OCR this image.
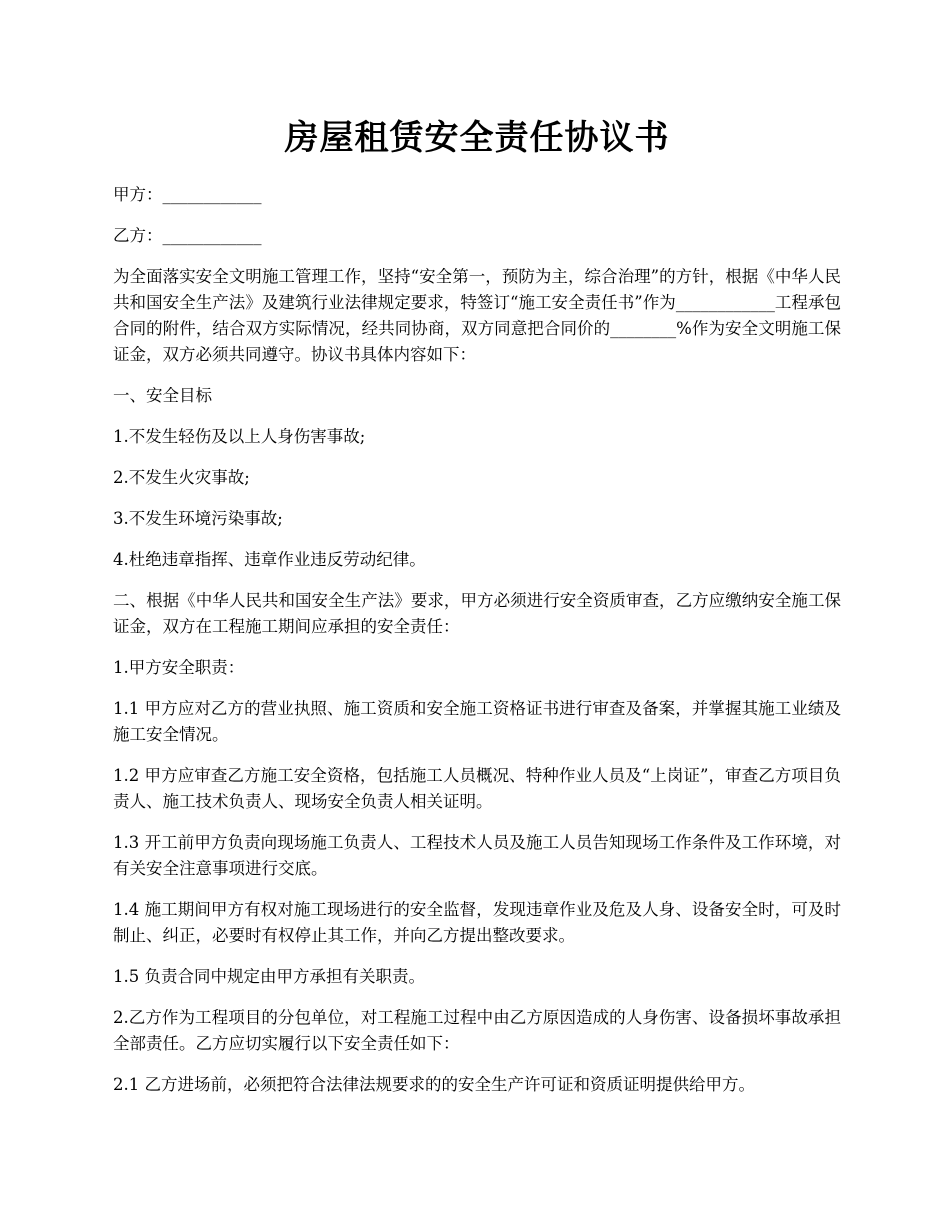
房屋租赁安全责任协议书

甲方：____________

乙方：____________

为全面落实安全文明施工管理工作，坚持“安全第一，预防为主，综合治理”的方针，根据《中华人民共和国安全生产法》及建筑行业法律规定要求，特签订“施工安全责任书”作为____________工程承包合同的附件，结合双方实际情况，经共同协商，双方同意把合同价的________%作为安全文明施工保证金，双方必须共同遵守。协议书具体内容如下：

一、安全目标

1.不发生轻伤及以上人身伤害事故;

2.不发生火灾事故;

3.不发生环境污染事故;

4.杜绝违章指挥、违章作业违反劳动纪律。

二、根据《中华人民共和国安全生产法》要求，甲方必须进行安全资质审查，乙方应缴纳安全施工保证金，双方在工程施工期间应承担的安全责任：

1.甲方安全职责：

1.1 甲方应对乙方的营业执照、施工资质和安全施工资格证书进行审查及备案，并掌握其施工业绩及施工安全情况。

1.2 甲方应审查乙方施工安全资格，包括施工人员概况、特种作业人员及“上岗证”，审查乙方项目负责人、施工技术负责人、现场安全负责人相关证明。

1.3 开工前甲方负责向现场施工负责人、工程技术人员及施工人员告知现场工作条件及工作环境，对有关安全注意事项进行交底。

1.4 施工期间甲方有权对施工现场进行的安全监督，发现违章作业及危及人身、设备安全时，可及时制止、纠正，必要时有权停止其工作，并向乙方提出整改要求。

1.5 负责合同中规定由甲方承担有关职责。

2.乙方作为工程项目的分包单位，对工程施工过程中由乙方原因造成的人身伤害、设备损坏事故承担全部责任。乙方应切实履行以下安全责任如下：

2.1 乙方进场前，必须把符合法律法规要求的的安全生产许可证和资质证明提供给甲方。
